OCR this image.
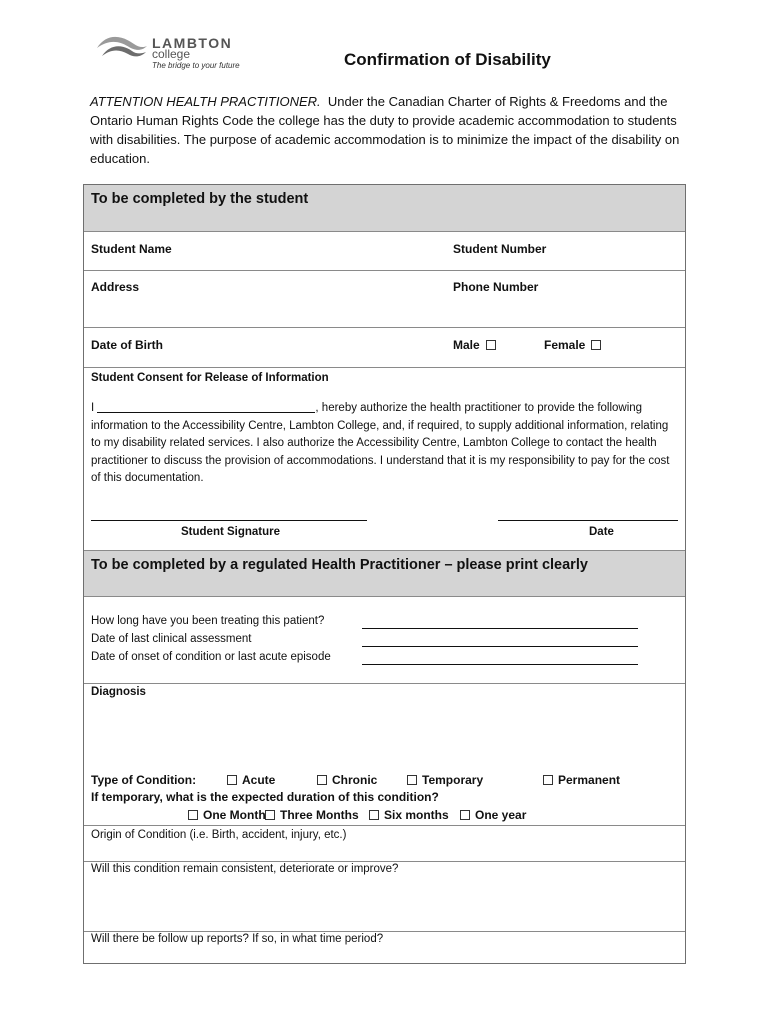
LAMBTON
college
The bridge to your future	Confirmation of Disability
ATTENTION HEALTH PRACTITIONER. Under the Canadian Charter of Rights & Freedoms and the Ontario Human Rights Code the college has the duty to provide academic accommodation to students with disabilities. The purpose of academic accommodation is to minimize the impact of the disability on education.
To be completed by the student
Student Name	Student Number
Address	Phone Number
Date of Birth	Male	Female
Student Consent for Release of Information
I	, hereby authorize the health practitioner to provide the following information to the Accessibility Centre, Lambton College, and, if required, to supply additional information, relating to my disability related services. I also authorize the Accessibility Centre, Lambton College to contact the health practitioner to discuss the provision of accommodations. I understand that it is my responsibility to pay for the cost of this documentation.
Student Signature	Date
To be completed by a regulated Health Practitioner – please print clearly
How long have you been treating this patient?
Date of last clinical assessment
Date of onset of condition or last acute episode
Diagnosis
Type of Condition:	Acute	Chronic	Temporary	Permanent
If temporary, what is the expected duration of this condition?
One Month	Three Months	Six months	One year
Origin of Condition (i.e. Birth, accident, injury, etc.)
Will this condition remain consistent, deteriorate or improve?
Will there be follow up reports? If so, in what time period?
